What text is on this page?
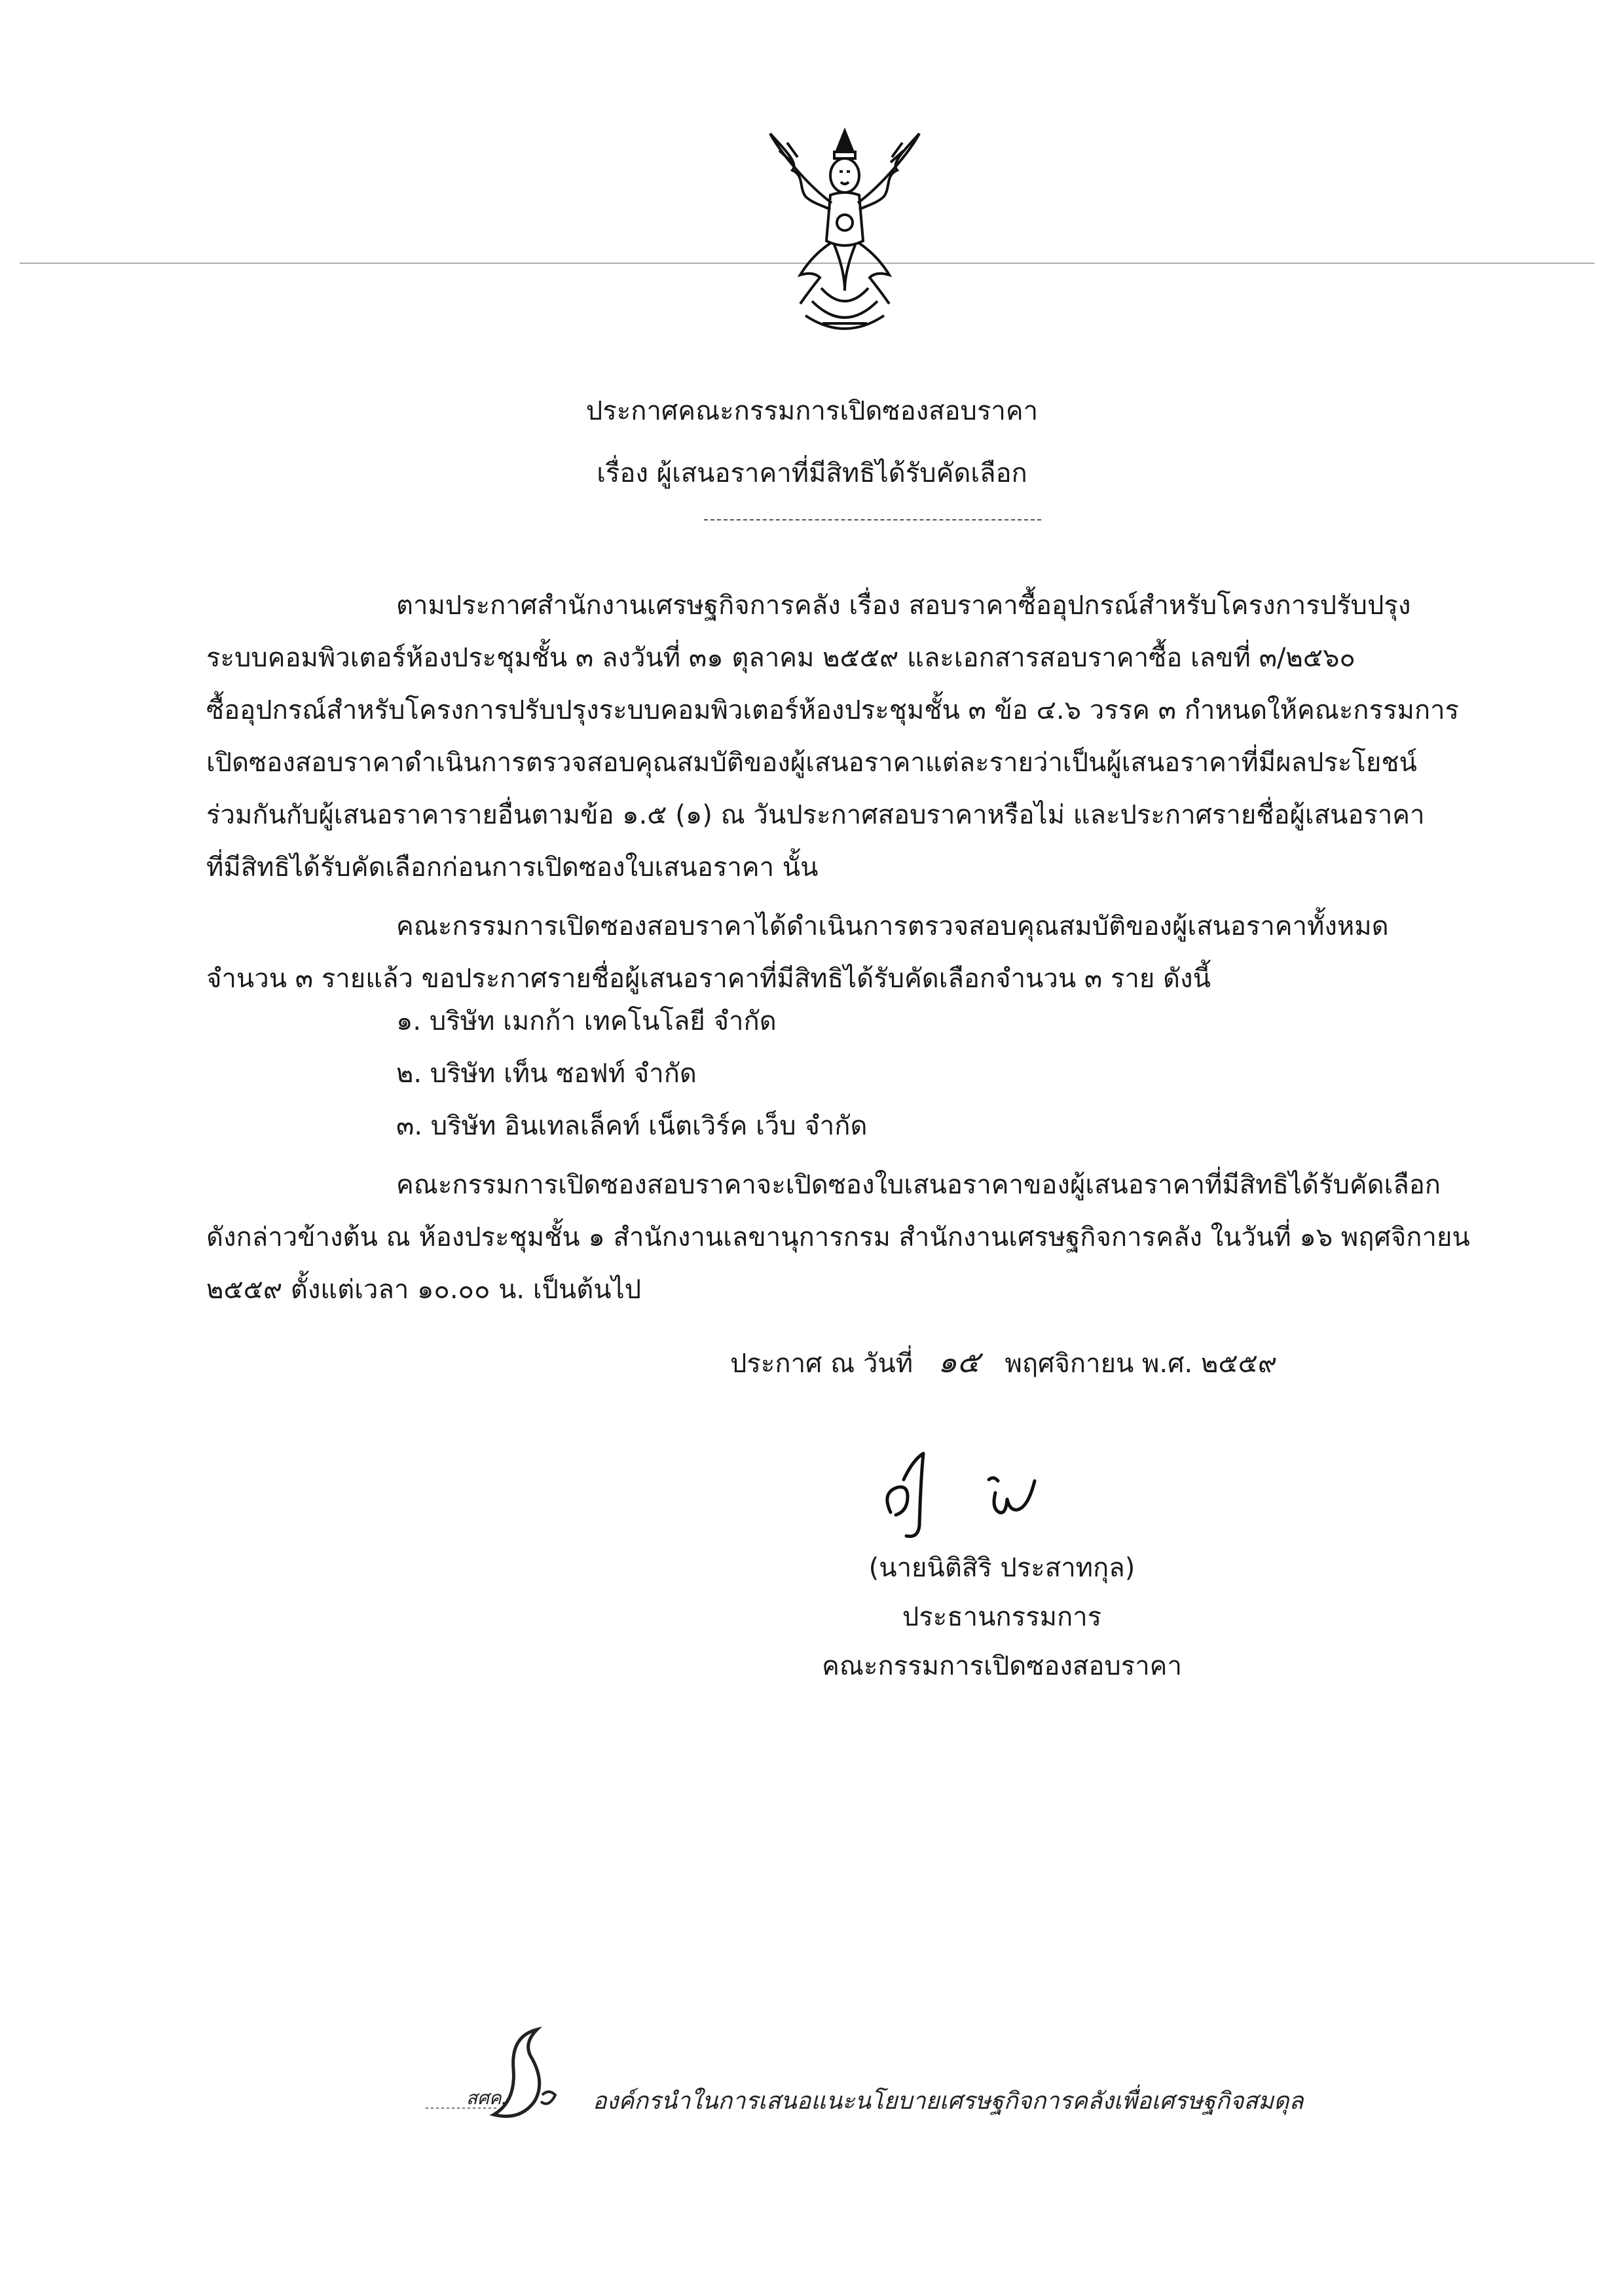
ประกาศคณะกรรมการเปิดซองสอบราคา
เรื่อง ผู้เสนอราคาที่มีสิทธิได้รับคัดเลือก
ตามประกาศสำนักงานเศรษฐกิจการคลัง เรื่อง สอบราคาซื้ออุปกรณ์สำหรับโครงการปรับปรุง
ระบบคอมพิวเตอร์ห้องประชุมชั้น ๓ ลงวันที่ ๓๑ ตุลาคม ๒๕๕๙ และเอกสารสอบราคาซื้อ เลขที่ ๓/๒๕๖๐
ซื้ออุปกรณ์สำหรับโครงการปรับปรุงระบบคอมพิวเตอร์ห้องประชุมชั้น ๓ ข้อ ๔.๖ วรรค ๓ กำหนดให้คณะกรรมการ
เปิดซองสอบราคาดำเนินการตรวจสอบคุณสมบัติของผู้เสนอราคาแต่ละรายว่าเป็นผู้เสนอราคาที่มีผลประโยชน์
ร่วมกันกับผู้เสนอราคารายอื่นตามข้อ ๑.๕ (๑) ณ วันประกาศสอบราคาหรือไม่ และประกาศรายชื่อผู้เสนอราคา
ที่มีสิทธิได้รับคัดเลือกก่อนการเปิดซองใบเสนอราคา นั้น
คณะกรรมการเปิดซองสอบราคาได้ดำเนินการตรวจสอบคุณสมบัติของผู้เสนอราคาทั้งหมด
จำนวน ๓ รายแล้ว ขอประกาศรายชื่อผู้เสนอราคาที่มีสิทธิได้รับคัดเลือกจำนวน ๓ ราย ดังนี้
๑. บริษัท เมกก้า เทคโนโลยี จำกัด
๒. บริษัท เท็น ซอฟท์ จำกัด
๓. บริษัท อินเทลเล็คท์ เน็ตเวิร์ค เว็บ จำกัด
คณะกรรมการเปิดซองสอบราคาจะเปิดซองใบเสนอราคาของผู้เสนอราคาที่มีสิทธิได้รับคัดเลือก
ดังกล่าวข้างต้น ณ ห้องประชุมชั้น ๑ สำนักงานเลขานุการกรม สำนักงานเศรษฐกิจการคลัง ในวันที่ ๑๖ พฤศจิกายน
๒๕๕๙ ตั้งแต่เวลา ๑๐.๐๐ น. เป็นต้นไป
ประกาศ ณ วันที่ ๑๕ พฤศจิกายน พ.ศ. ๒๕๕๙
(นายนิติสิริ ประสาทกุล)
ประธานกรรมการ
คณะกรรมการเปิดซองสอบราคา
สศค.	องค์กรนำในการเสนอแนะนโยบายเศรษฐกิจการคลังเพื่อเศรษฐกิจสมดุล
